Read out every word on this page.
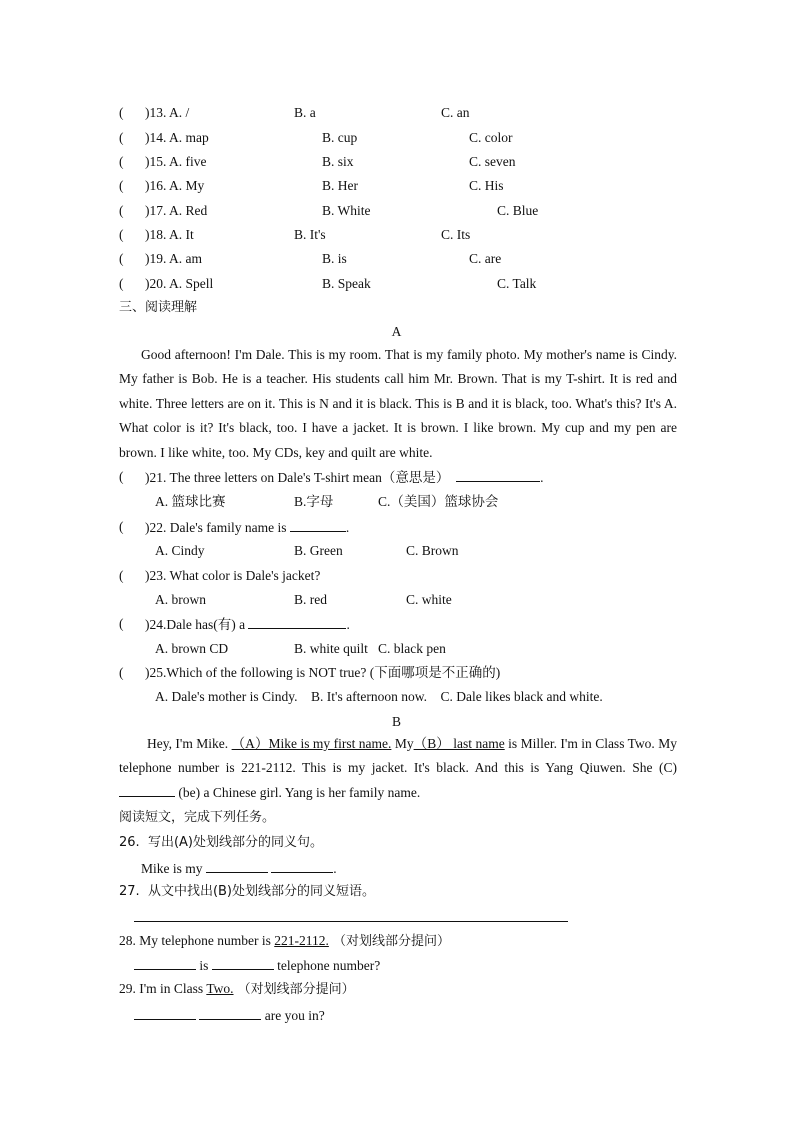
( )13. A. /	B. a	C. an
( )14. A. map	B. cup	C. color
( )15. A. five	B. six	C. seven
( )16. A. My	B. Her	C. His
( )17. A. Red	B. White	C. Blue
( )18. A. It	B. It's	C. Its
( )19. A. am	B. is	C. are
( )20. A. Spell	B. Speak	C. Talk
三、阅读理解
A
Good afternoon! I'm Dale. This is my room. That is my family photo. My mother's name is Cindy. My father is Bob. He is a teacher. His students call him Mr. Brown. That is my T-shirt. It is red and white. Three letters are on it. This is N and it is black. This is B and it is black, too. What's this? It's A. What color is it? It's black, too. I have a jacket. It is brown. I like brown. My cup and my pen are brown. I like white, too. My CDs, key and quilt are white.
( )21. The three letters on Dale's T-shirt mean（意思是）	.
A. 篮球比赛	B.字母	C.（美国）篮球协会
( )22. Dale's family name is	.
A. Cindy	B. Green	C. Brown
( )23. What color is Dale's jacket?
A. brown	B. red	C. white
( )24.Dale has(有) a	.
A. brown CD	B. white quilt C. black pen
( )25.Which of the following is NOT true? (下面哪项是不正确的)
A. Dale's mother is Cindy.    B. It's afternoon now.    C. Dale likes black and white.
B
Hey, I'm Mike. （A）Mike is my first name. My（B） last name is Miller. I'm in Class Two. My telephone number is 221-2112. This is my jacket. It's black. And this is Yang Qiuwen. She (C)  (be) a Chinese girl. Yang is her family name.
阅读短文，完成下列任务。
26.  写出(A)处划线部分的同义句。
Mike is my	.
27.  从文中找出(B)处划线部分的同义短语。
28. My telephone number is 221-2112. （对划线部分提问）
is	telephone number?
29. I'm in Class Two. （对划线部分提问）
are you in?
